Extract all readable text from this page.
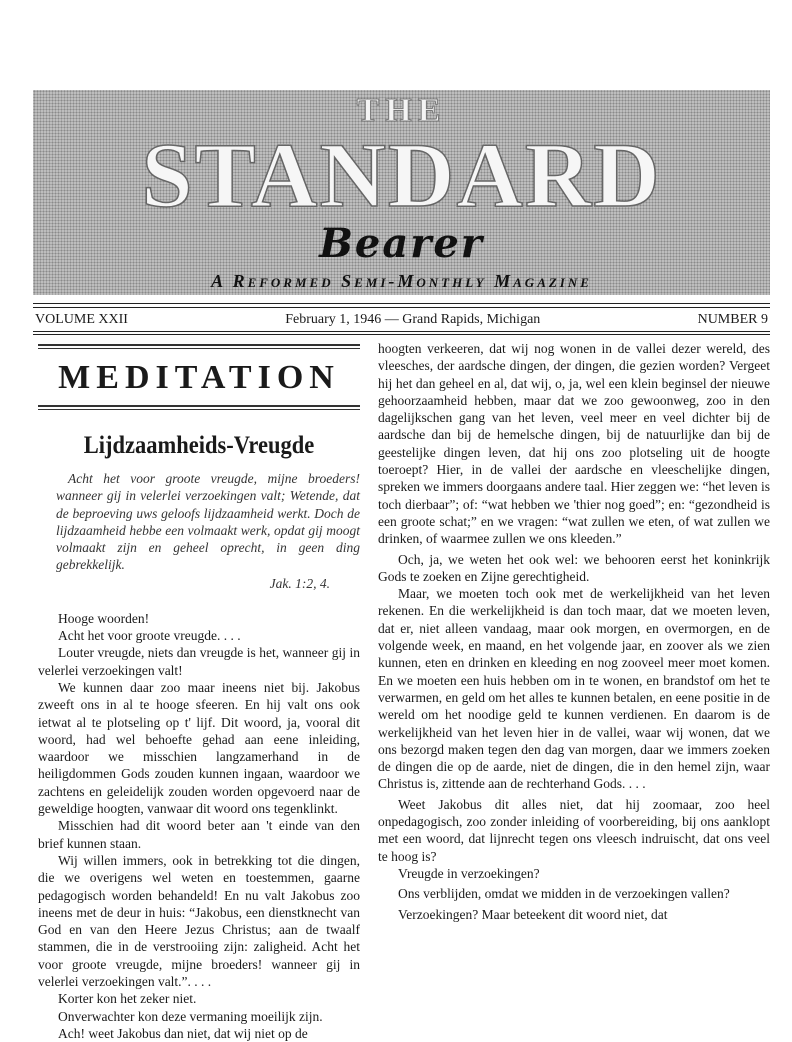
THE
STANDARD
Bearer
A Reformed Semi-Monthly Magazine
VOLUME XXII	February 1, 1946 — Grand Rapids, Michigan	NUMBER 9
MEDITATION
Lijdzaamheids-Vreugde

Acht het voor groote vreugde, mijne broeders! wanneer gij in velerlei verzoekingen valt; Wetende, dat de beproeving uws geloofs lijdzaamheid werkt. Doch de lijdzaamheid hebbe een volmaakt werk, opdat gij moogt volmaakt zijn en geheel oprecht, in geen ding gebrekkelijk.

Jak. 1:2, 4.

Hooge woorden!

Acht het voor groote vreugde. . . .

Louter vreugde, niets dan vreugde is het, wanneer gij in velerlei verzoekingen valt!

We kunnen daar zoo maar ineens niet bij. Jakobus zweeft ons in al te hooge sfeeren. En hij valt ons ook ietwat al te plotseling op t' lijf. Dit woord, ja, vooral dit woord, had wel behoefte gehad aan eene inleiding, waardoor we misschien langzamerhand in de heiligdommen Gods zouden kunnen ingaan, waardoor we zachtens en geleidelijk zouden worden opgevoerd naar de geweldige hoogten, vanwaar dit woord ons tegenklinkt.

Misschien had dit woord beter aan 't einde van den brief kunnen staan.

Wij willen immers, ook in betrekking tot die dingen, die we overigens wel weten en toestemmen, gaarne pedagogisch worden behandeld! En nu valt Jakobus zoo ineens met de deur in huis: “Jakobus, een dienstknecht van God en van den Heere Jezus Christus; aan de twaalf stammen, die in de verstrooiing zijn: zaligheid. Acht het voor groote vreugde, mijne broeders! wanneer gij in velerlei verzoekingen valt.”. . . .

Korter kon het zeker niet.

Onverwachter kon deze vermaning moeilijk zijn.

Ach! weet Jakobus dan niet, dat wij niet op de

hoogten verkeeren, dat wij nog wonen in de vallei dezer wereld, des vleesches, der aardsche dingen, der dingen, die gezien worden? Vergeet hij het dan geheel en al, dat wij, o, ja, wel een klein beginsel der nieuwe gehoorzaamheid hebben, maar dat we zoo gewoonweg, zoo in den dagelijkschen gang van het leven, veel meer en veel dichter bij de aardsche dan bij de hemelsche dingen, bij de natuurlijke dan bij de geestelijke dingen leven, dat hij ons zoo plotseling uit de hoogte toeroept? Hier, in de vallei der aardsche en vleeschelijke dingen, spreken we immers doorgaans andere taal. Hier zeggen we: “het leven is toch dierbaar”; of: “wat hebben we 'thier nog goed”; en: “gezondheid is een groote schat;” en we vragen: “wat zullen we eten, of wat zullen we drinken, of waarmee zullen we ons kleeden.”

Och, ja, we weten het ook wel: we behooren eerst het koninkrijk Gods te zoeken en Zijne gerechtigheid.

Maar, we moeten toch ook met de werkelijkheid van het leven rekenen. En die werkelijkheid is dan toch maar, dat we moeten leven, dat er, niet alleen vandaag, maar ook morgen, en overmorgen, en de volgende week, en maand, en het volgende jaar, en zoover als we zien kunnen, eten en drinken en kleeding en nog zooveel meer moet komen. En we moeten een huis hebben om in te wonen, en brandstof om het te verwarmen, en geld om het alles te kunnen betalen, en eene positie in de wereld om het noodige geld te kunnen verdienen. En daarom is de werkelijkheid van het leven hier in de vallei, waar wij wonen, dat we ons bezorgd maken tegen den dag van morgen, daar we immers zoeken de dingen die op de aarde, niet de dingen, die in den hemel zijn, waar Christus is, zittende aan de rechterhand Gods. . . .

Weet Jakobus dit alles niet, dat hij zoomaar, zoo heel onpedagogisch, zoo zonder inleiding of voorbereiding, bij ons aanklopt met een woord, dat lijnrecht tegen ons vleesch indruischt, dat ons veel te hoog is?

Vreugde in verzoekingen?

Ons verblijden, omdat we midden in de verzoekingen vallen?

Verzoekingen? Maar beteekent dit woord niet, dat
